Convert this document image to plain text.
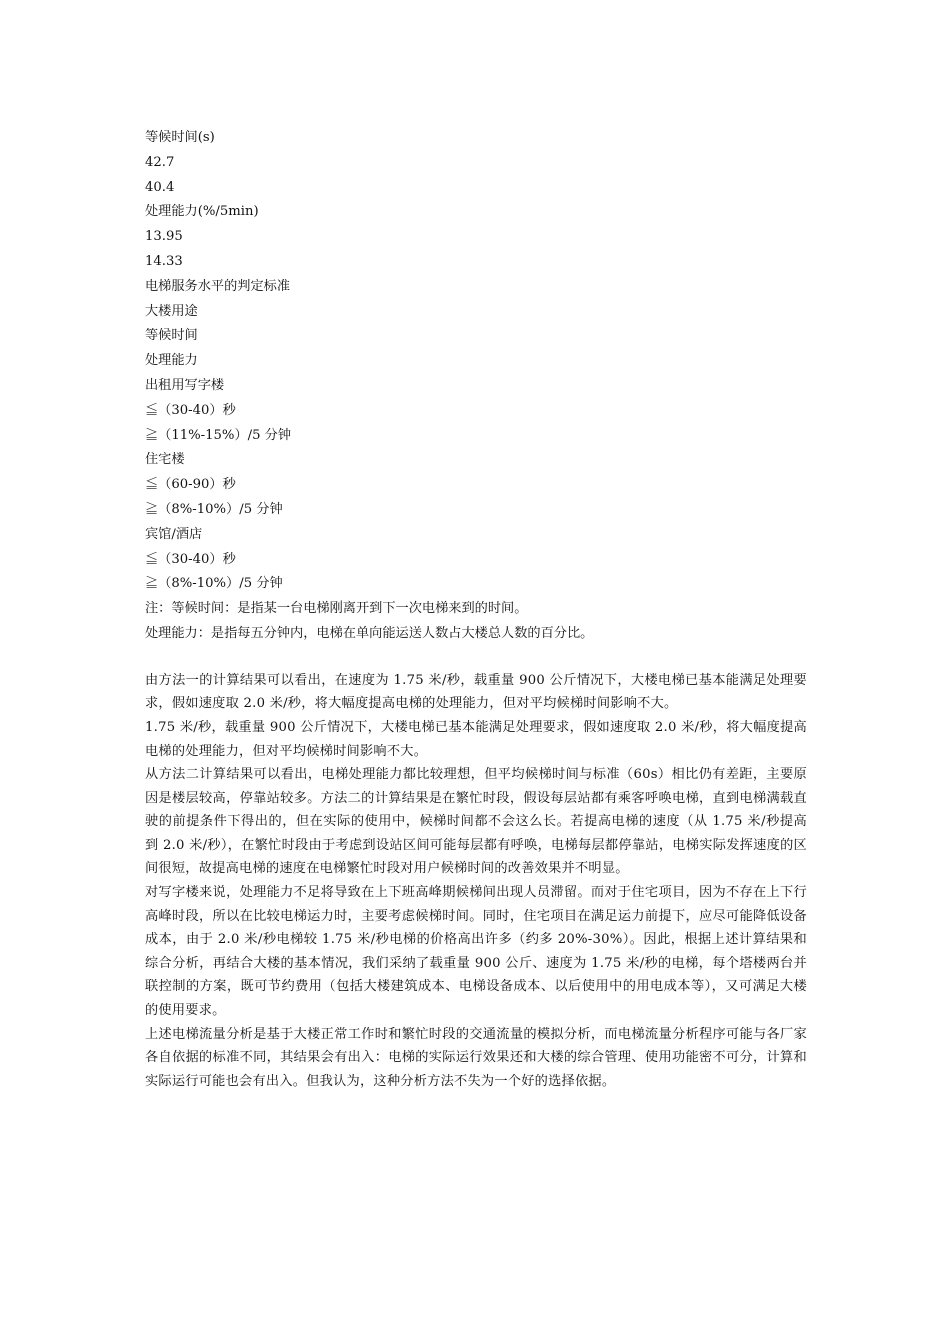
等候时间(s)
42.7
40.4
处理能力(%/5min)
13.95
14.33
电梯服务水平的判定标准
大楼用途
等候时间
处理能力
出租用写字楼
≦（30-40）秒
≧（11%-15%）/5 分钟
住宅楼
≦（60-90）秒
≧（8%-10%）/5 分钟
宾馆/酒店
≦（30-40）秒
≧（8%-10%）/5 分钟
注：等候时间：是指某一台电梯刚离开到下一次电梯来到的时间。
处理能力：是指每五分钟内，电梯在单向能运送人数占大楼总人数的百分比。

由方法一的计算结果可以看出，在速度为 1.75 米/秒，载重量 900 公斤情况下，大楼电梯已基本能满足处理要求，假如速度取 2.0 米/秒，将大幅度提高电梯的处理能力，但对平均候梯时间影响不大。

1.75 米/秒，载重量 900 公斤情况下，大楼电梯已基本能满足处理要求，假如速度取 2.0 米/秒，将大幅度提高电梯的处理能力，但对平均候梯时间影响不大。

从方法二计算结果可以看出，电梯处理能力都比较理想，但平均候梯时间与标准（60s）相比仍有差距，主要原因是楼层较高，停靠站较多。方法二的计算结果是在繁忙时段，假设每层站都有乘客呼唤电梯，直到电梯满载直驶的前提条件下得出的，但在实际的使用中，候梯时间都不会这么长。若提高电梯的速度（从 1.75 米/秒提高到 2.0 米/秒），在繁忙时段由于考虑到设站区间可能每层都有呼唤，电梯每层都停靠站，电梯实际发挥速度的区间很短，故提高电梯的速度在电梯繁忙时段对用户候梯时间的改善效果并不明显。

对写字楼来说，处理能力不足将导致在上下班高峰期候梯间出现人员滞留。而对于住宅项目，因为不存在上下行高峰时段，所以在比较电梯运力时，主要考虑候梯时间。同时，住宅项目在满足运力前提下，应尽可能降低设备成本，由于 2.0 米/秒电梯较 1.75 米/秒电梯的价格高出许多（约多 20%-30%）。因此，根据上述计算结果和综合分析，再结合大楼的基本情况，我们采纳了载重量 900 公斤、速度为 1.75 米/秒的电梯，每个塔楼两台并联控制的方案，既可节约费用（包括大楼建筑成本、电梯设备成本、以后使用中的用电成本等），又可满足大楼的使用要求。

上述电梯流量分析是基于大楼正常工作时和繁忙时段的交通流量的模拟分析，而电梯流量分析程序可能与各厂家各自依据的标准不同，其结果会有出入：电梯的实际运行效果还和大楼的综合管理、使用功能密不可分，计算和实际运行可能也会有出入。但我认为，这种分析方法不失为一个好的选择依据。
